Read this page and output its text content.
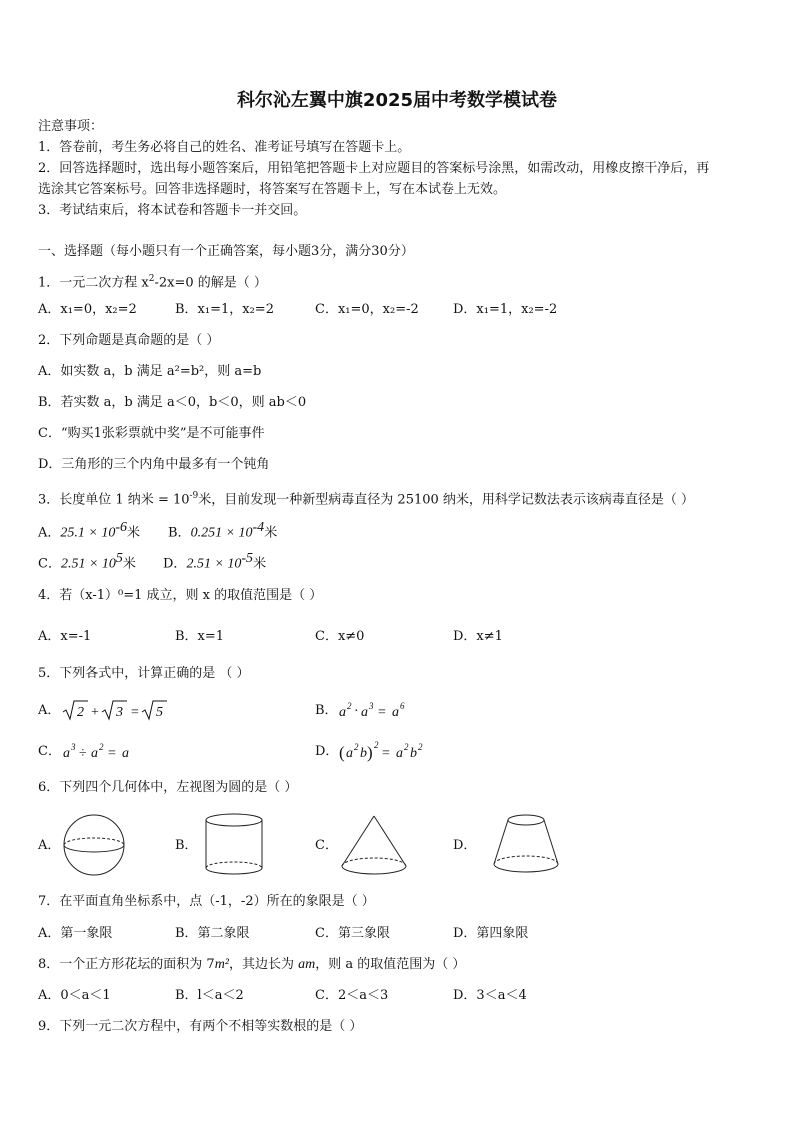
科尔沁左翼中旗2025届中考数学模试卷
注意事项：
1．答卷前，考生务必将自己的姓名、准考证号填写在答题卡上。
2．回答选择题时，选出每小题答案后，用铅笔把答题卡上对应题目的答案标号涂黑，如需改动，用橡皮擦干净后，再
选涂其它答案标号。回答非选择题时，将答案写在答题卡上，写在本试卷上无效。
3．考试结束后，将本试卷和答题卡一并交回。
一、选择题（每小题只有一个正确答案，每小题3分，满分30分）
1．一元二次方程 $x^2-2x=0$ 的解是（ ）
A．x₁=0，x₂=2	B．x₁=1，x₂=2	C．x₁=0，x₂=-2	D．x₁=1，x₂=-2
2．下列命题是真命题的是（ ）
A．如实数 a，b 满足 a²=b²，则 a=b
B．若实数 a，b 满足 a＜0，b＜0，则 ab＜0
C．“购买1张彩票就中奖”是不可能事件
D．三角形的三个内角中最多有一个钝角
3．长度单位 1 纳米 = $10^{-9}$米，目前发现一种新型病毒直径为 25100 纳米，用科学记数法表示该病毒直径是（ ）
A．$25.1 \times 10^{-6}$米 B．$0.251 \times 10^{-4}$米
C．$2.51 \times 10^5$米 D．$2.51 \times 10^{-5}$米
4．若（x-1）⁰=1 成立，则 x 的取值范围是（ ）
A．x=-1	B．x=1	C．x≠0	D．x≠1
5．下列各式中，计算正确的是 （ ）
A． 2 + 3 = 5	B． a 2 · a 3 = a 6
C． a 3 ÷ a 2 = a	D． ( a 2 b ) 2
= a 2 b 2
6．下列四个几何体中，左视图为圆的是（ ）
A．	B．	C．	D．
7．在平面直角坐标系中，点（-1，-2）所在的象限是（ ）
A．第一象限	B．第二象限	C．第三象限	D．第四象限
8．一个正方形花坛的面积为 7m²，其边长为 am，则 a 的取值范围为（ ）
A．0＜a＜1	B．l＜a＜2	C．2＜a＜3	D．3＜a＜4
9．下列一元二次方程中，有两个不相等实数根的是（ ）
